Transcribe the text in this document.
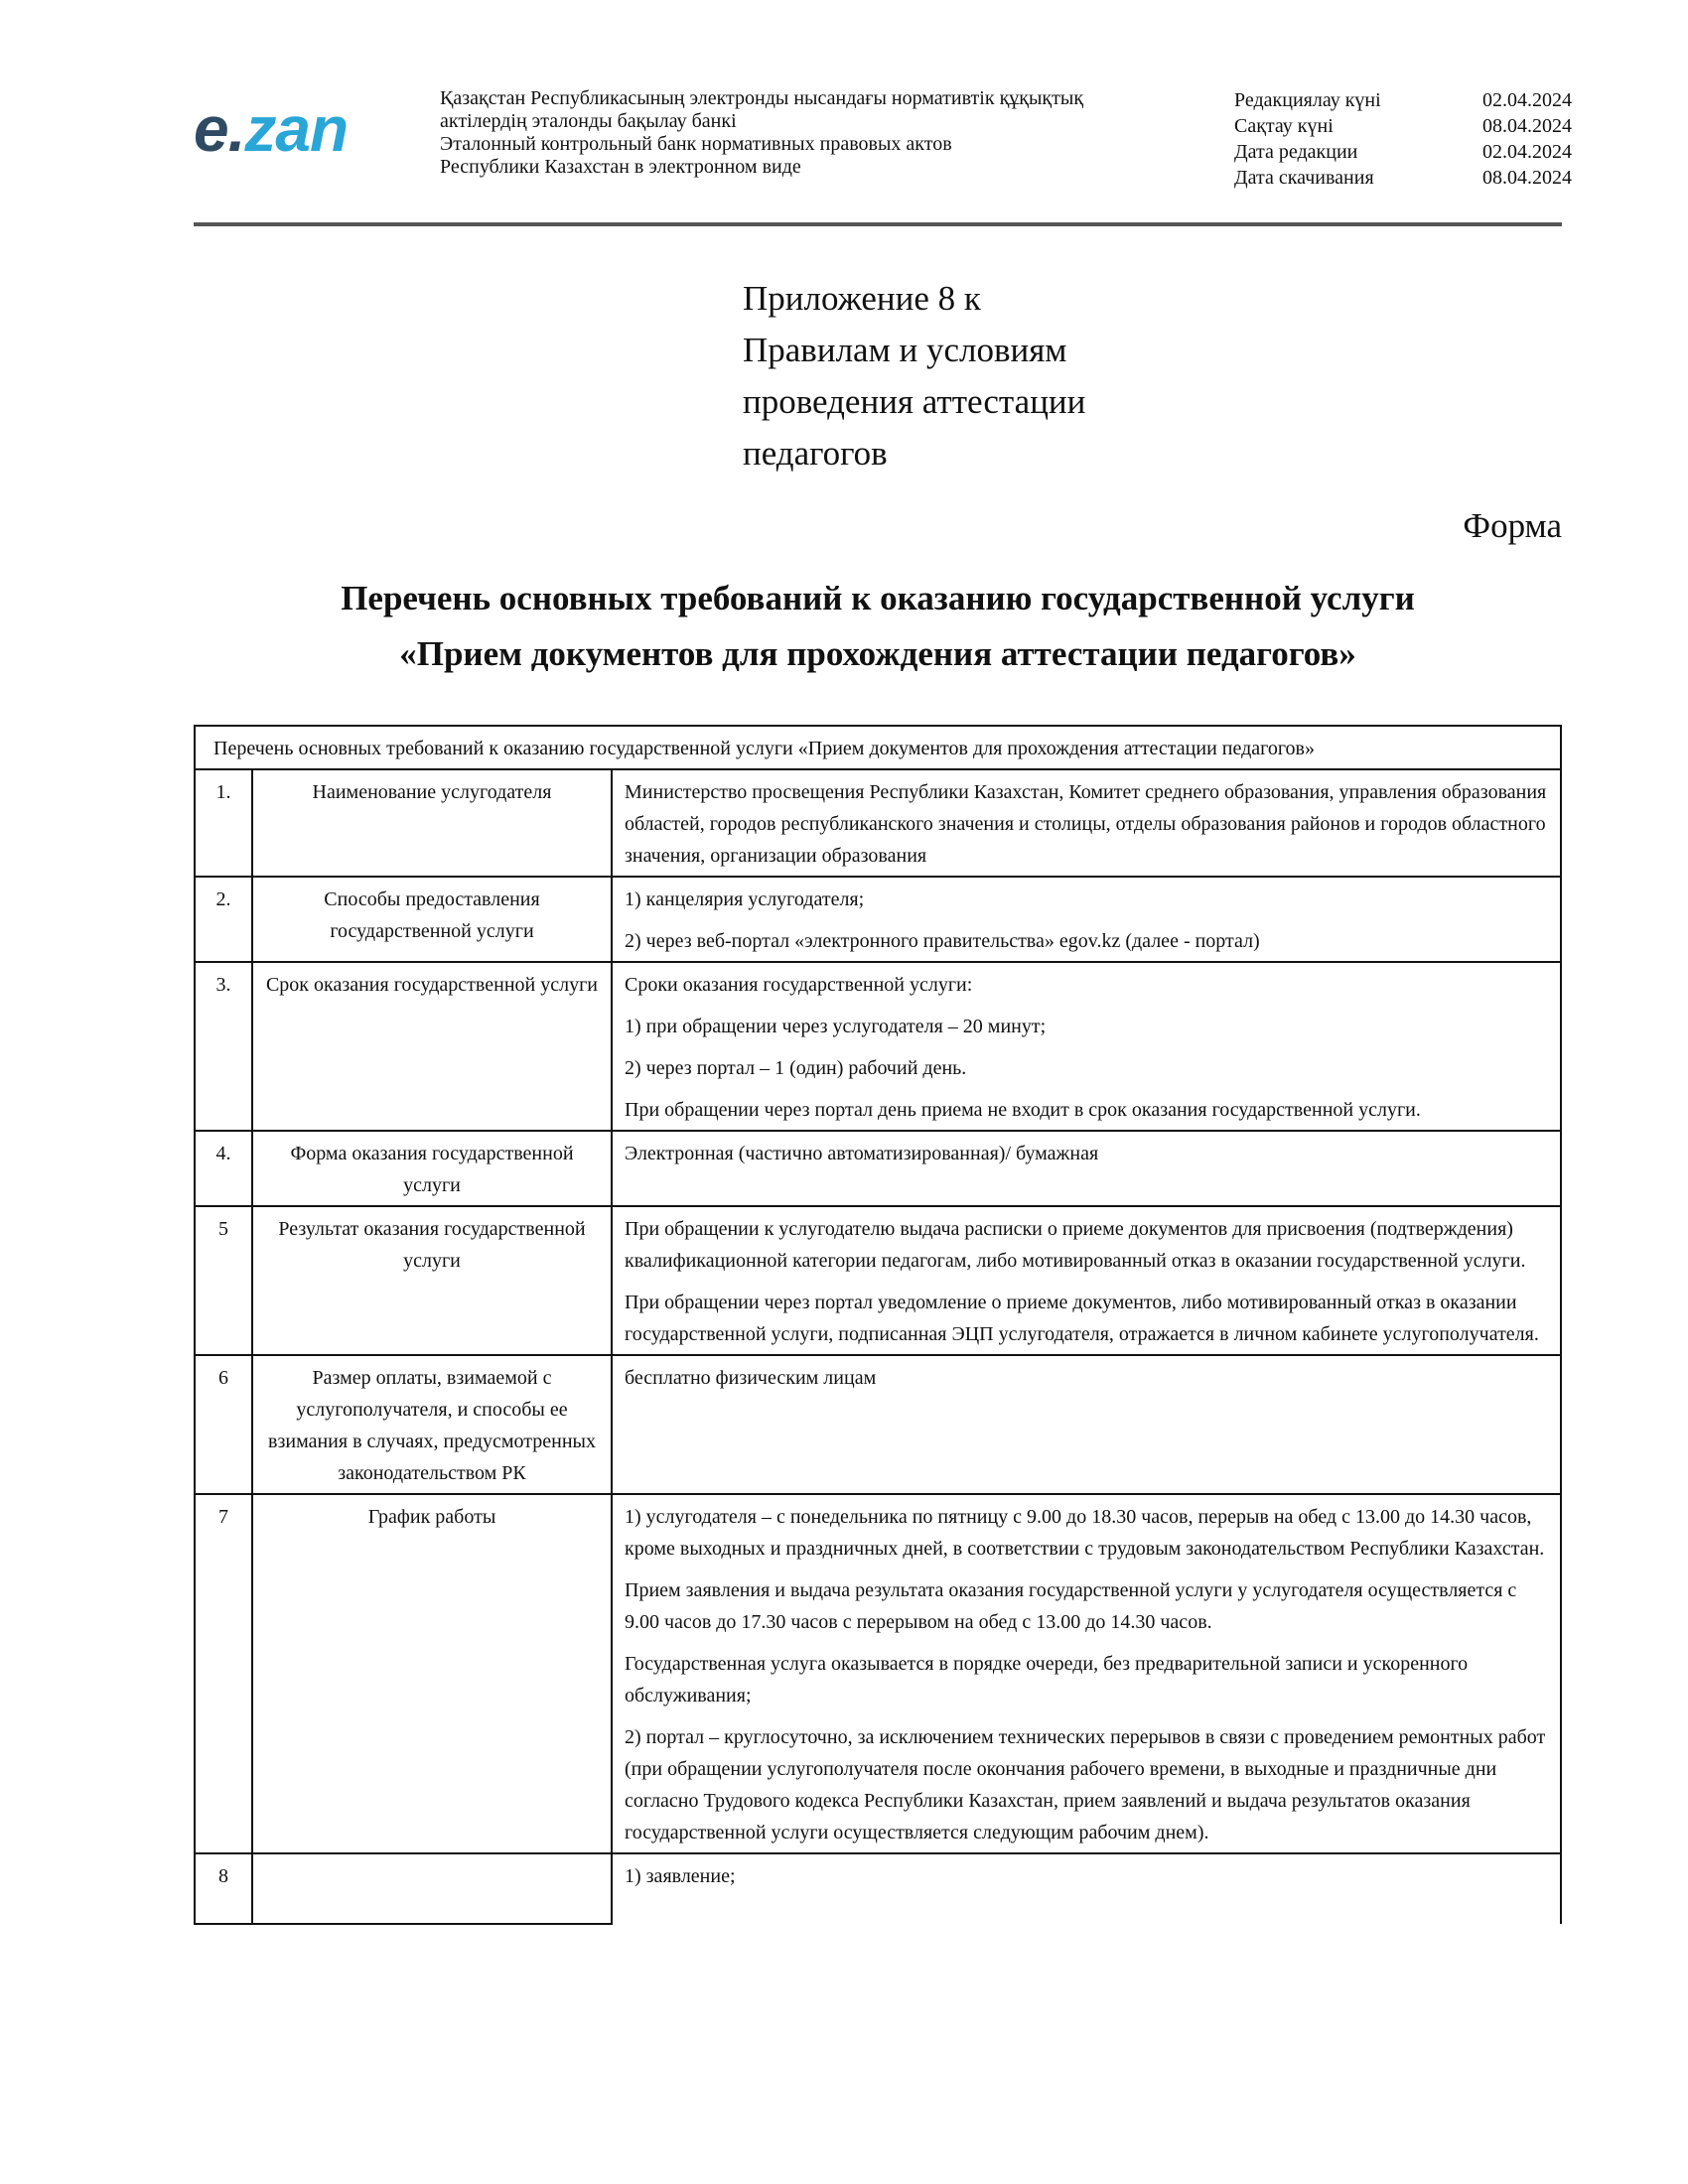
e.zan	Қазақстан Республикасының электронды нысандағы нормативтік құқықтық
актілердің эталонды бақылау банкі
Эталонный контрольный банк нормативных правовых актов
Республики Казахстан в электронном виде
Редакциялау күні	02.04.2024
Сақтау күні	08.04.2024
Дата редакции	02.04.2024
Дата скачивания	08.04.2024
Приложение 8 к
Правилам и условиям
проведения аттестации
педагогов
Форма
Перечень основных требований к оказанию государственной услуги
«Прием документов для прохождения аттестации педагогов»
Перечень основных требований к оказанию государственной услуги «Прием документов для прохождения аттестации педагогов»		
1.	Наименование услугодателя	Министерство просвещения Республики Казахстан, Комитет среднего образования, управления образования областей, городов республиканского значения и столицы, отделы образования районов и городов областного значения, организации образования

2.	Способы предоставления государственной услуги	1) канцелярия услугодателя;

2) через веб-портал «электронного правительства» egov.kz (далее - портал)

3.	Срок оказания государственной услуги	Сроки оказания государственной услуги:

1) при обращении через услугодателя – 20 минут;

2) через портал – 1 (один) рабочий день.

При обращении через портал день приема не входит в срок оказания государственной услуги.

4.	Форма оказания государственной услуги	Электронная (частично автоматизированная)/ бумажная

5	Результат оказания государственной услуги	При обращении к услугодателю выдача расписки о приеме документов для присвоения (подтверждения) квалификационной категории педагогам, либо мотивированный отказ в оказании государственной услуги.

При обращении через портал уведомление о приеме документов, либо мотивированный отказ в оказании государственной услуги, подписанная ЭЦП услугодателя, отражается в личном кабинете услугополучателя.

6	Размер оплаты, взимаемой с услугополучателя, и способы ее взимания в случаях, предусмотренных законодательством РК	бесплатно физическим лицам

7	График работы	1) услугодателя – с понедельника по пятницу с 9.00 до 18.30 часов, перерыв на обед с 13.00 до 14.30 часов, кроме выходных и праздничных дней, в соответствии с трудовым законодательством Республики Казахстан.

Прием заявления и выдача результата оказания государственной услуги у услугодателя осуществляется с 9.00 часов до 17.30 часов с перерывом на обед с 13.00 до 14.30 часов.

Государственная услуга оказывается в порядке очереди, без предварительной записи и ускоренного обслуживания;

2) портал – круглосуточно, за исключением технических перерывов в связи с проведением ремонтных работ (при обращении услугополучателя после окончания рабочего времени, в выходные и праздничные дни согласно Трудового кодекса Республики Казахстан, прием заявлений и выдача результатов оказания государственной услуги осуществляется следующим рабочим днем).

8		1) заявление;
